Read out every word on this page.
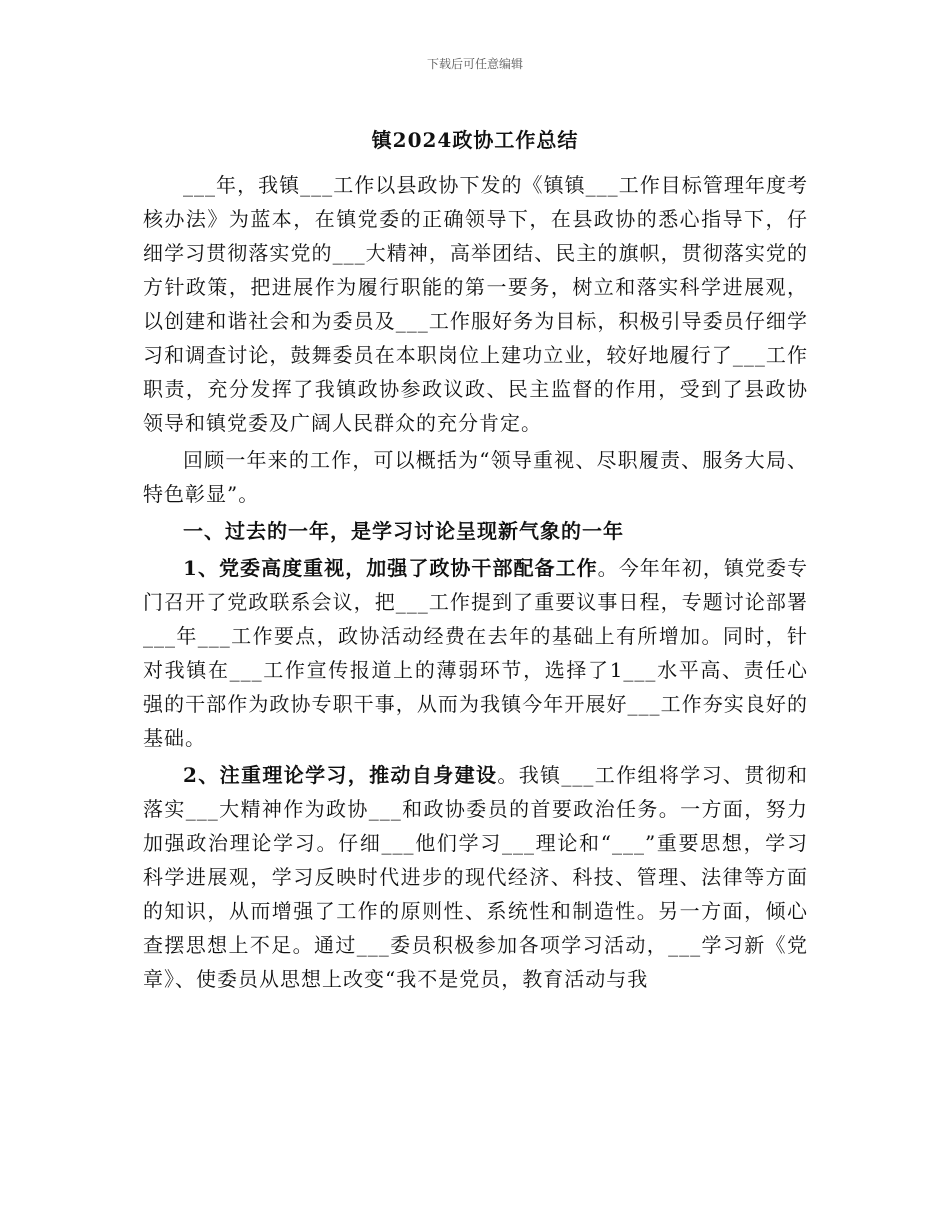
下载后可任意编辑
镇2024政协工作总结

___年，我镇___工作以县政协下发的《镇镇___工作目标管理年度考核办法》为蓝本，在镇党委的正确领导下，在县政协的悉心指导下，仔细学习贯彻落实党的___大精神，高举团结、民主的旗帜，贯彻落实党的方针政策，把进展作为履行职能的第一要务，树立和落实科学进展观，以创建和谐社会和为委员及___工作服好务为目标，积极引导委员仔细学习和调查讨论，鼓舞委员在本职岗位上建功立业，较好地履行了___工作职责，充分发挥了我镇政协参政议政、民主监督的作用，受到了县政协领导和镇党委及广阔人民群众的充分肯定。

回顾一年来的工作，可以概括为“领导重视、尽职履责、服务大局、特色彰显”。

一、过去的一年，是学习讨论呈现新气象的一年

1、党委高度重视，加强了政协干部配备工作。今年年初，镇党委专门召开了党政联系会议，把___工作提到了重要议事日程，专题讨论部署___年___工作要点，政协活动经费在去年的基础上有所增加。同时，针对我镇在___工作宣传报道上的薄弱环节，选择了1___水平高、责任心强的干部作为政协专职干事，从而为我镇今年开展好___工作夯实良好的基础。

2、注重理论学习，推动自身建设。我镇___工作组将学习、贯彻和落实___大精神作为政协___和政协委员的首要政治任务。一方面，努力加强政治理论学习。仔细___他们学习___理论和“___”重要思想，学习科学进展观，学习反映时代进步的现代经济、科技、管理、法律等方面的知识，从而增强了工作的原则性、系统性和制造性。另一方面，倾心查摆思想上不足。通过___委员积极参加各项学习活动，___学习新《党章》、使委员从思想上改变“我不是党员，教育活动与我
